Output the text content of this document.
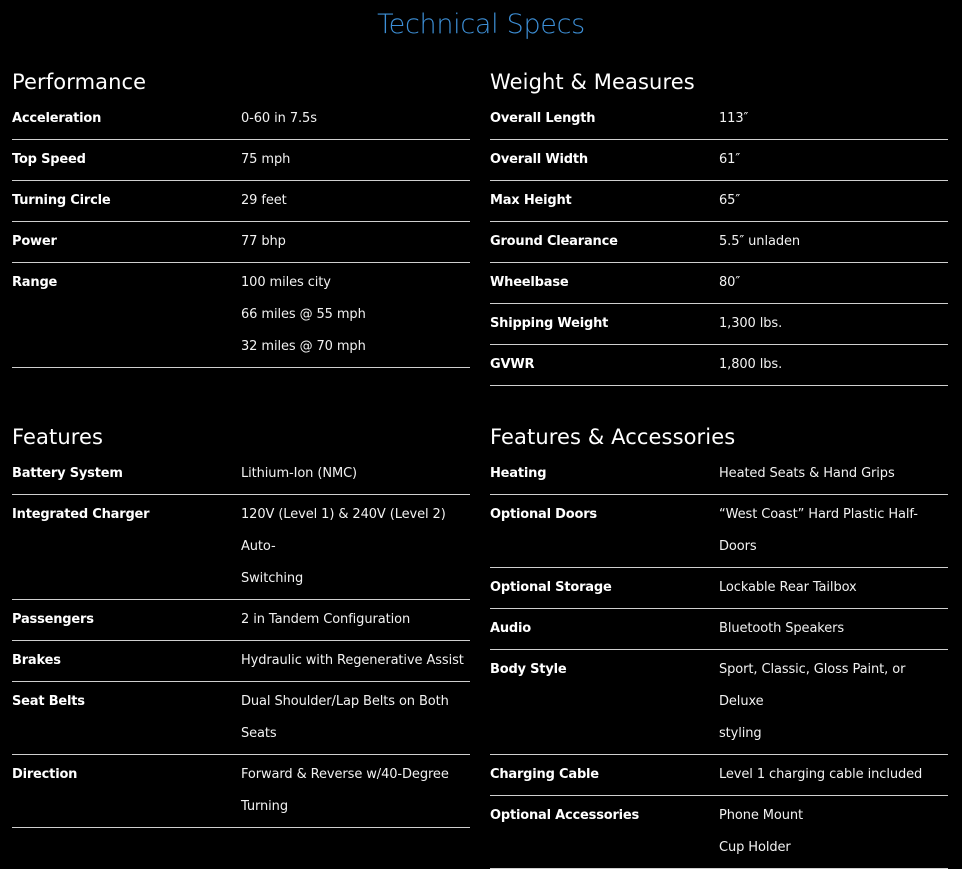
Technical Specs
Performance
Acceleration	0-60 in 7.5s
Top Speed	75 mph
Turning Circle	29 feet
Power	77 bhp
Range	100 miles city
66 miles @ 55 mph
32 miles @ 70 mph
Weight & Measures
Overall Length	113″
Overall Width	61″
Max Height	65″
Ground Clearance	5.5″ unladen
Wheelbase	80″
Shipping Weight	1,300 lbs.
GVWR	1,800 lbs.
Features
Battery System	Lithium-Ion (NMC)
Integrated Charger	120V (Level 1) & 240V (Level 2) Auto-
Switching
Passengers	2 in Tandem Configuration
Brakes	Hydraulic with Regenerative Assist
Seat Belts	Dual Shoulder/Lap Belts on Both
Seats
Direction	Forward & Reverse w/40-Degree
Turning
Features & Accessories
Heating	Heated Seats & Hand Grips
Optional Doors	“West Coast” Hard Plastic Half-Doors
Optional Storage	Lockable Rear Tailbox
Audio	Bluetooth Speakers
Body Style	Sport, Classic, Gloss Paint, or Deluxe
styling
Charging Cable	Level 1 charging cable included
Optional Accessories	Phone Mount
Cup Holder
